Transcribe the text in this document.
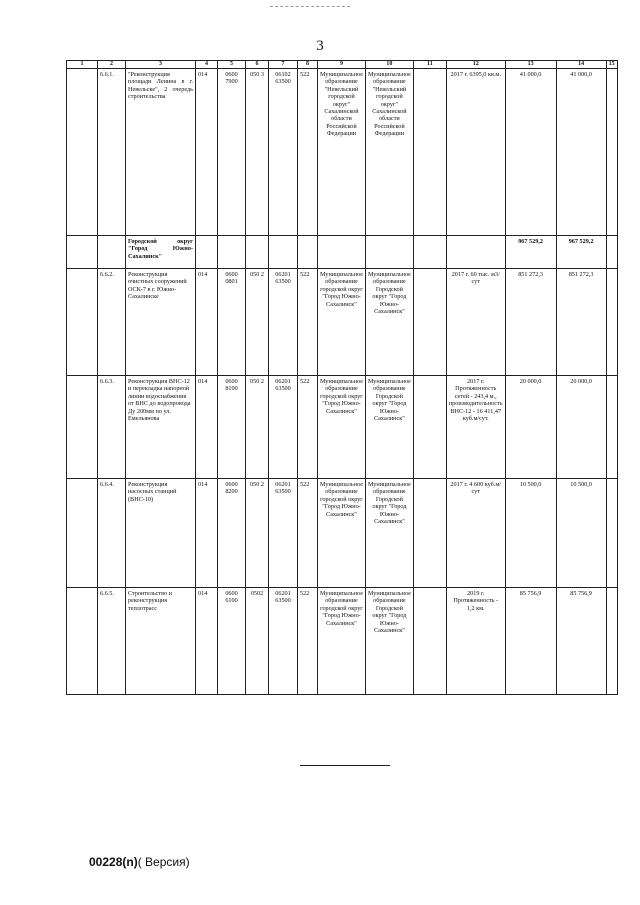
3
1	2	3	4	5	6	7	8	9	10	11	12	13	14	15
	6.6.1.	"Реконструкция площади Ленина в г. Невельске", 2 очередь строительства	014	0600 7900	050 3	06102 63500	522	Муниципальное образование "Невельский городской округ" Сахалинской области Российской Федерации	Муниципальное образование "Невельский городской округ" Сахалинской области Российской Федерации		2017 г. 6395,0 кв.м.	41 000,0	41 000,0	
		Городской округ "Город Южно-Сахалинск"										967 529,2	967 529,2	
	6.6.2.	Реконструкция очистных сооружений ОСК-7 в г. Южно-Сахалинске	014	0600 0801	050 2	06201 63500	522	Муниципальное образование городской округ "Город Южно-Сахалинск"	Муниципальное образование Городской округ "Город Южно-Сахалинск"		2017 г. 60 тыс. м3/сут	851 272,3	851 272,3	
	6.6.3.	Реконструкция ВНС-12 и перекладка напорной линии водоснабжения от ВНС до водопровода Ду 200мм по ул. Емельянова	014	0600 8100	050 2	06201 63500	522	Муниципальное образование городской округ "Город Южно-Сахалинск"	Муниципальное образование Городской округ "Город Южно-Сахалинск"		2017 г. Протяженность сетей - 243,4 м., производительность ВНС-12 - 16 411,47 куб.м/сут.	20 000,0	20 000,0	
	6.6.4.	Реконструкция насосных станций (ВНС-10)	014	0600 8200	050 2	06201 63500	522	Муниципальное образование городской округ "Город Южно-Сахалинск"	Муниципальное образование Городской округ "Город Южно-Сахалинск"		2017 г. 4 600 куб.м/сут	10 500,0	10 500,0	
	6.6.5.	Строительство и реконструкция теплотрасс	014	0600 6100	0502	06201 63500	522	Муниципальное образование городской округ "Город Южно-Сахалинск"	Муниципальное образование Городской округ "Город Южно-Сахалинск"		2019 г. Протяженность - 1,2 км.	85 756,9	85 756,9	
00228(n)( Версия)
